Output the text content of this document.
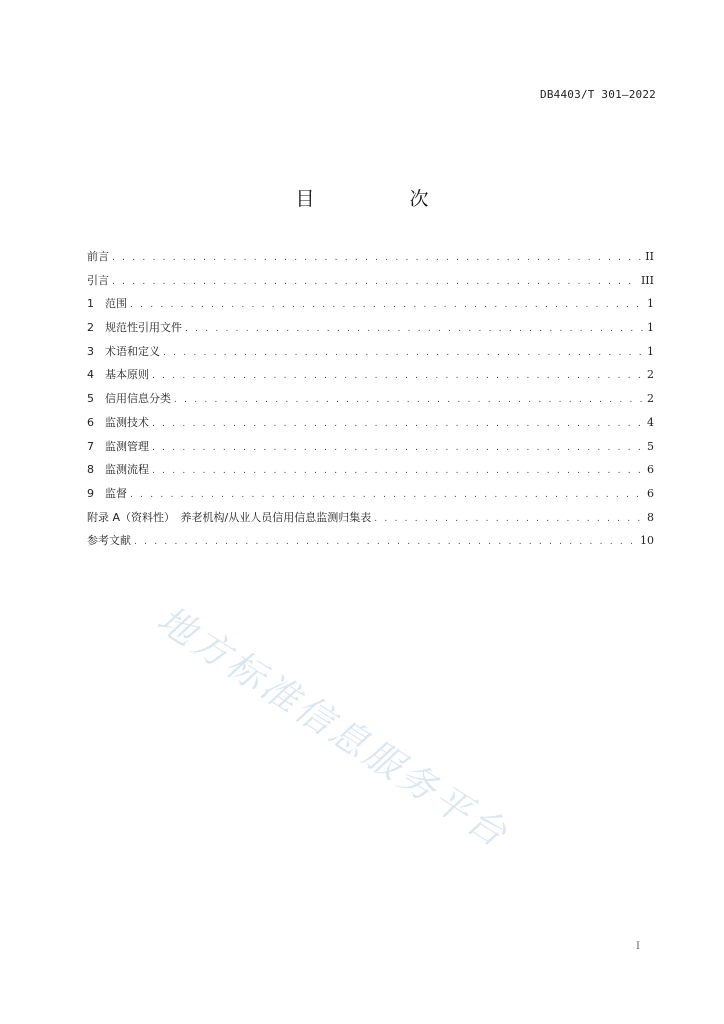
DB4403/T 301—2022
目　次
前言 . . .	II
引言 . . .	III
1	范围 . . .	1
2	规范性引用文件 . . .	1
3	术语和定义 . . .	1
4	基本原则 . . .	2
5	信用信息分类 . . .	2
6	监测技术 . . .	4
7	监测管理 . . .	5
8	监测流程 . . .	6
9	监督 . . .	6
附录 A（资料性）　养老机构/从业人员信用信息监测归集表 . . .	8
参考文献 . . .	10
地方标准信息服务平台
I
